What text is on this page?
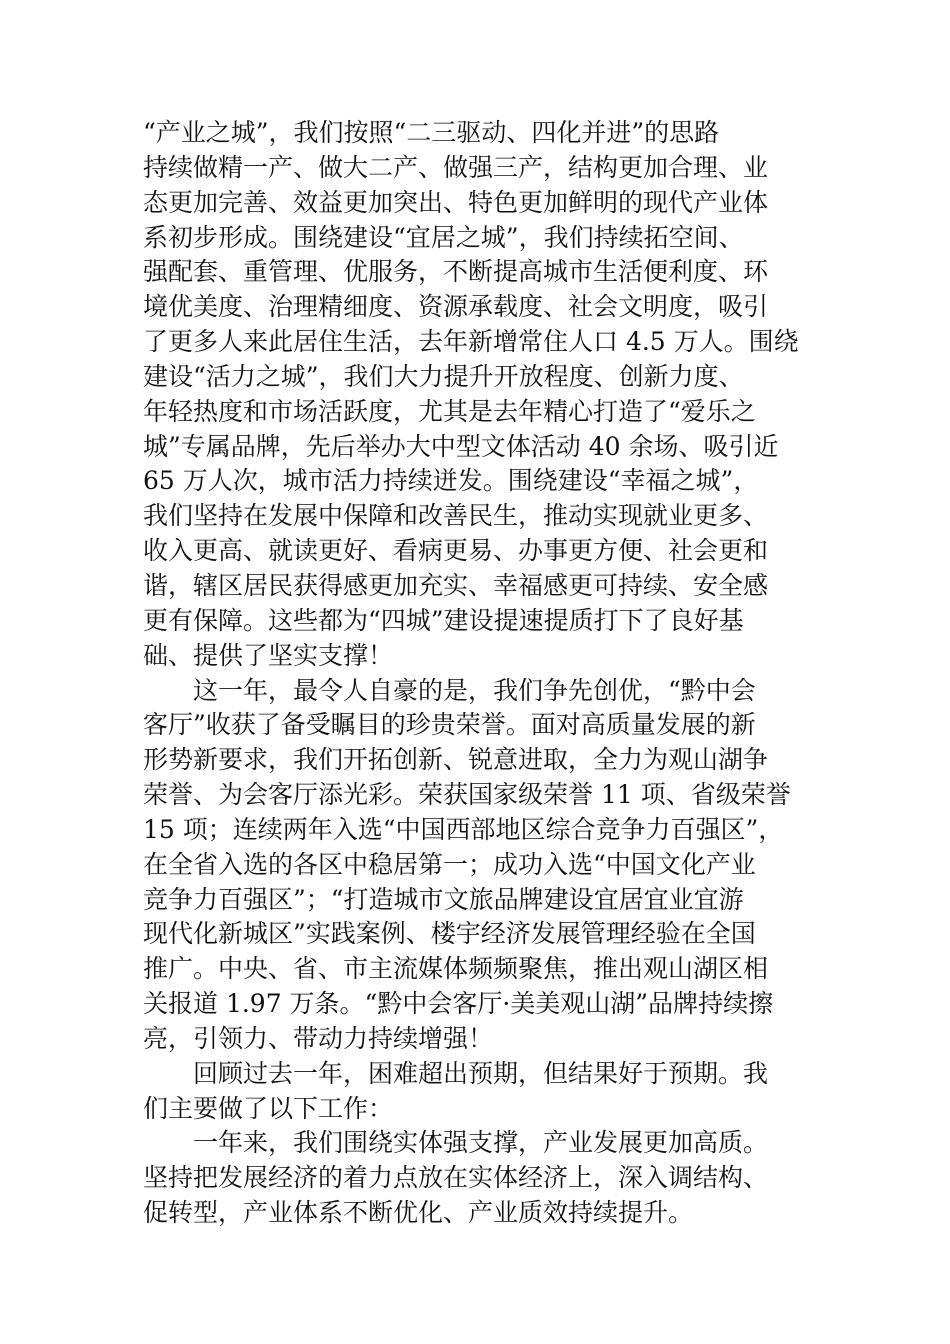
“产业之城”，我们按照“二三驱动、四化并进”的思路
持续做精一产、做大二产、做强三产，结构更加合理、业
态更加完善、效益更加突出、特色更加鲜明的现代产业体
系初步形成。围绕建设“宜居之城”，我们持续拓空间、
强配套、重管理、优服务，不断提高城市生活便利度、环
境优美度、治理精细度、资源承载度、社会文明度，吸引
了更多人来此居住生活，去年新增常住人口 4.5 万人。围绕
建设“活力之城”，我们大力提升开放程度、创新力度、
年轻热度和市场活跃度，尤其是去年精心打造了“爱乐之
城”专属品牌，先后举办大中型文体活动 40 余场、吸引近
65 万人次，城市活力持续迸发。围绕建设“幸福之城”，
我们坚持在发展中保障和改善民生，推动实现就业更多、
收入更高、就读更好、看病更易、办事更方便、社会更和
谐，辖区居民获得感更加充实、幸福感更可持续、安全感
更有保障。这些都为“四城”建设提速提质打下了良好基
础、提供了坚实支撑！
这一年，最令人自豪的是，我们争先创优，“黔中会
客厅”收获了备受瞩目的珍贵荣誉。面对高质量发展的新
形势新要求，我们开拓创新、锐意进取，全力为观山湖争
荣誉、为会客厅添光彩。荣获国家级荣誉 11 项、省级荣誉
15 项；连续两年入选“中国西部地区综合竞争力百强区”，
在全省入选的各区中稳居第一；成功入选“中国文化产业
竞争力百强区”；“打造城市文旅品牌建设宜居宜业宜游
现代化新城区”实践案例、楼宇经济发展管理经验在全国
推广。中央、省、市主流媒体频频聚焦，推出观山湖区相
关报道 1.97 万条。“黔中会客厅·美美观山湖”品牌持续擦
亮，引领力、带动力持续增强！
回顾过去一年，困难超出预期，但结果好于预期。我
们主要做了以下工作：
一年来，我们围绕实体强支撑，产业发展更加高质。
坚持把发展经济的着力点放在实体经济上，深入调结构、
促转型，产业体系不断优化、产业质效持续提升。
